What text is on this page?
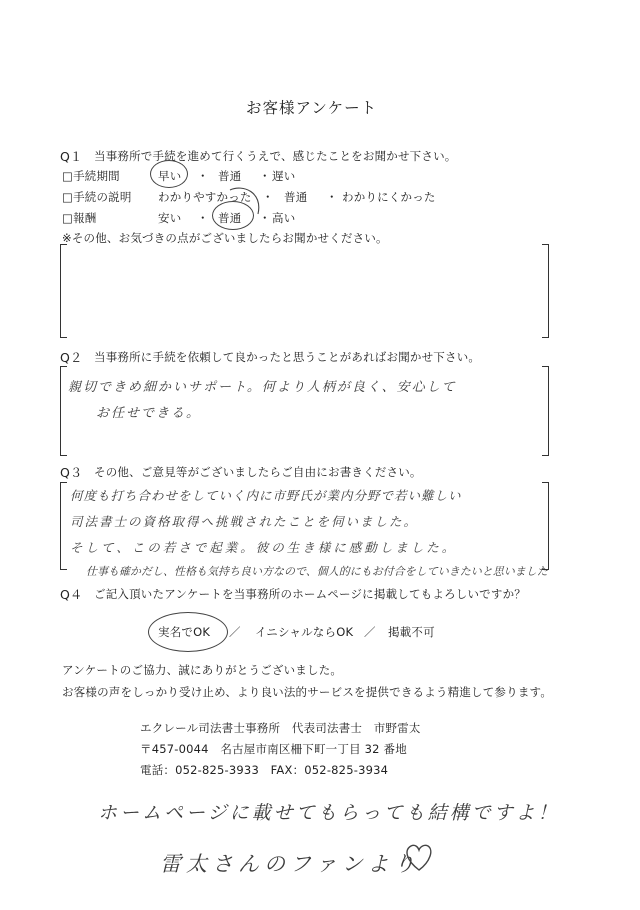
お客様アンケート
Q１ 当事務所で手続を進めて行くうえで、感じたことをお聞かせ下さい。
□手続期間	早い ・ 普通 ・ 遅い
□手続の説明 わかりやすかった ・ 普通 ・ わかりにくかった
□報酬	安い ・ 普通 ・ 高い
※その他、お気づきの点がございましたらお聞かせください。
Q２ 当事務所に手続を依頼して良かったと思うことがあればお聞かせ下さい。
親切できめ細かいサポート。何より人柄が良く、安心して
お任せできる。
Q３ その他、ご意見等がございましたらご自由にお書きください。
何度も打ち合わせをしていく内に市野氏が業内分野で若い難しい
司法書士の資格取得へ挑戦されたことを伺いました。
そして、この若さで起業。彼の生き様に感動しました。
仕事も確かだし、性格も気持ち良い方なので、個人的にもお付合をしていきたいと思いました
Q４ ご記入頂いたアンケートを当事務所のホームページに掲載してもよろしいですか？
実名でOK ／ イニシャルならOK ／ 掲載不可
アンケートのご協力、誠にありがとうございました。
お客様の声をしっかり受け止め、より良い法的サービスを提供できるよう精進して参ります。
エクレール司法書士事務所　代表司法書士　市野雷太
〒457-0044　名古屋市南区柵下町一丁目 32 番地
電話：052-825-3933　FAX：052-825-3934
ホームページに載せてもらっても結構ですよ！
雷太さんのファンより
